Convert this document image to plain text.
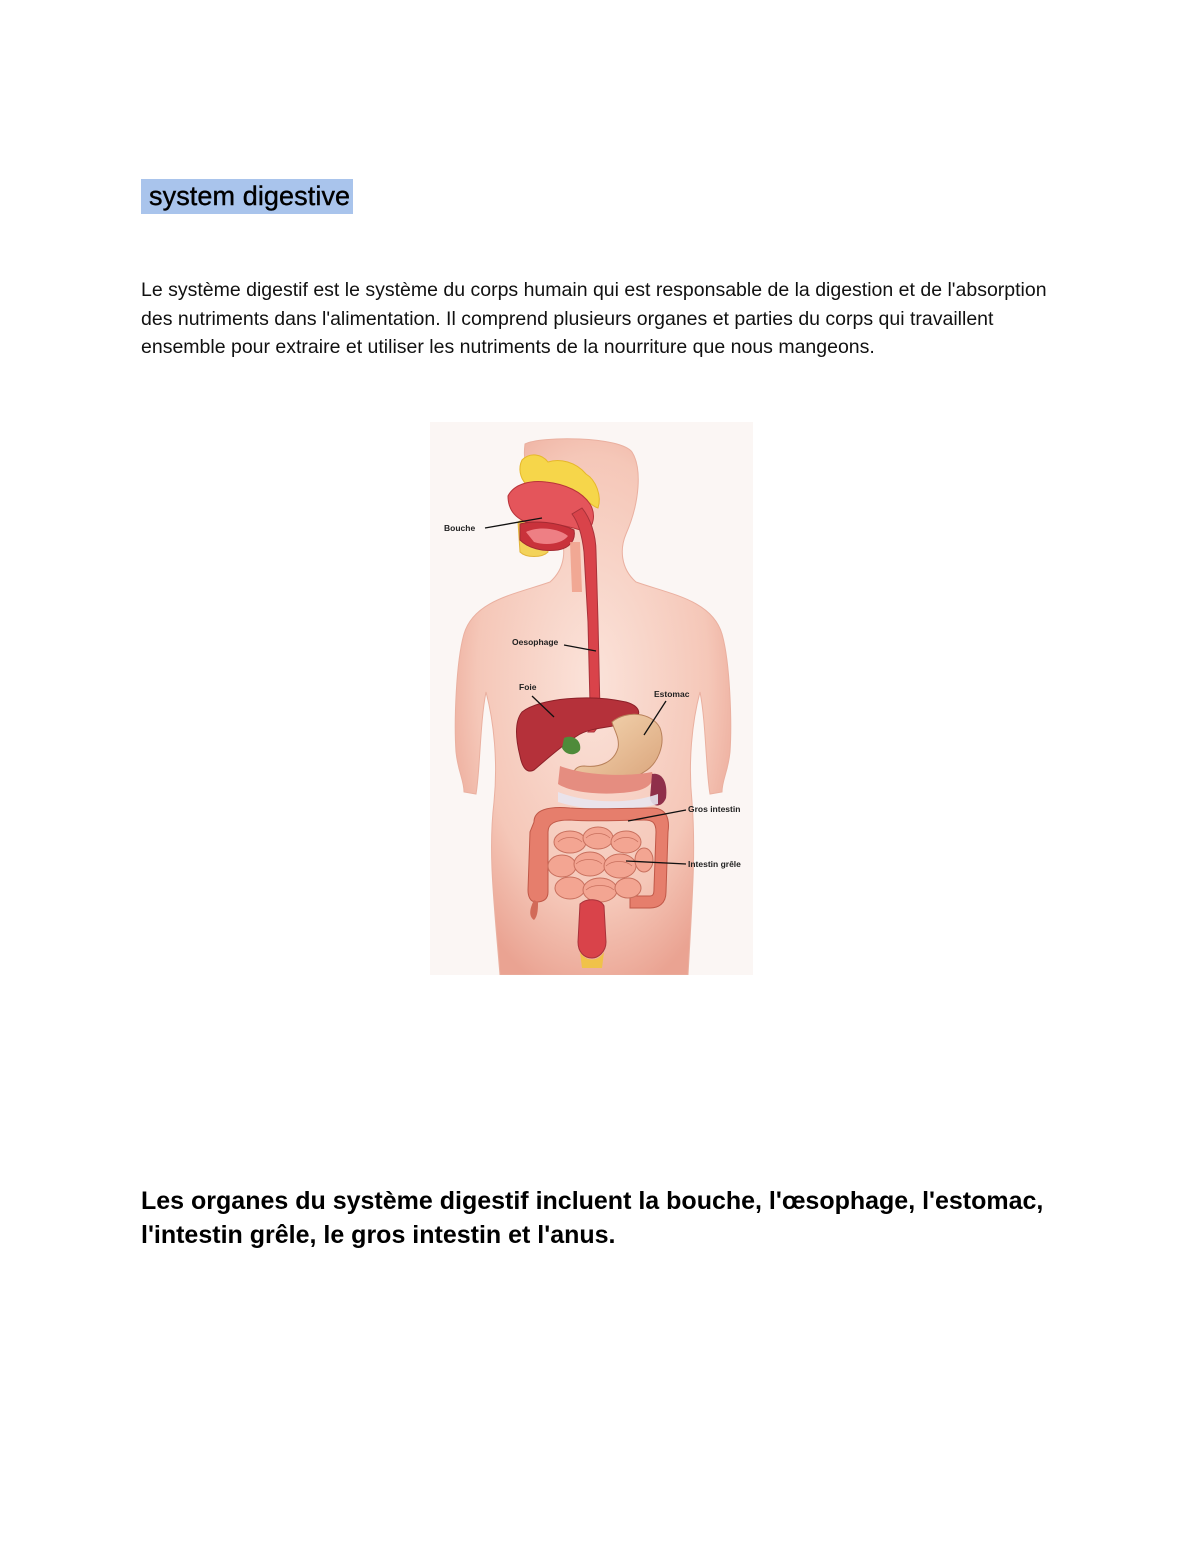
system digestive

Le système digestif est le système du corps humain qui est responsable de la digestion et de l'absorption des nutriments dans l'alimentation. Il comprend plusieurs organes et parties du corps qui travaillent ensemble pour extraire et utiliser les nutriments de la nourriture que nous mangeons.

Bouche
Oesophage
Foie
Estomac
Gros intestin
Intestin grêle

Les organes du système digestif incluent la bouche, l'œsophage, l'estomac, l'intestin grêle, le gros intestin et l'anus.
